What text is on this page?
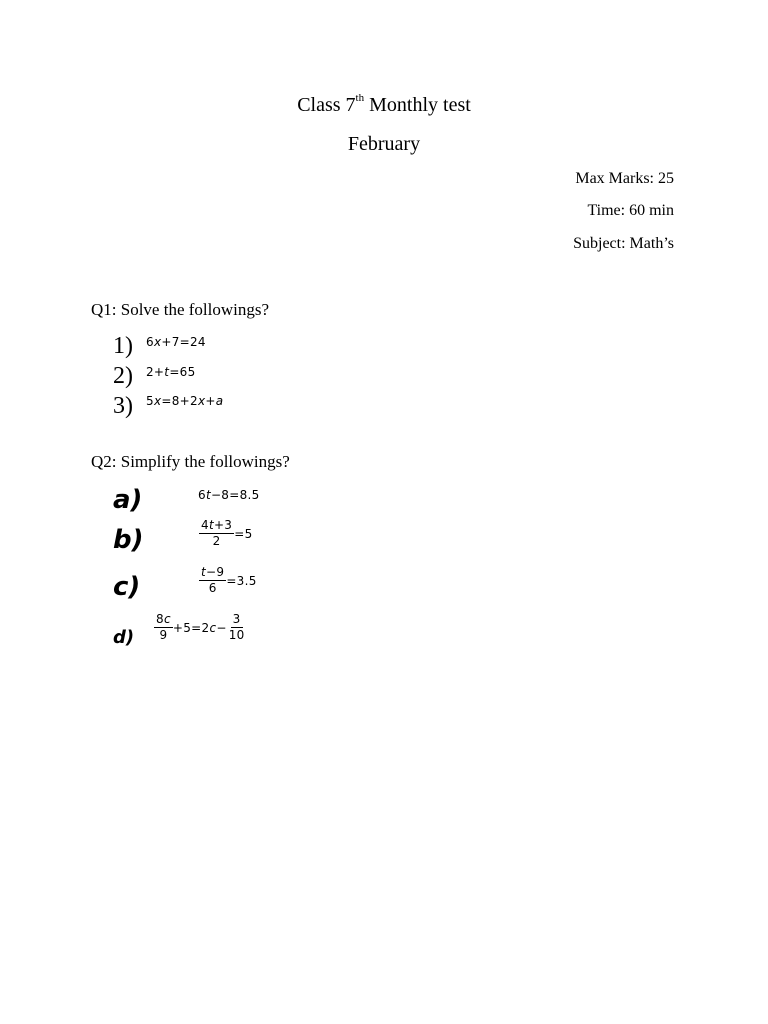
Class 7th Monthly test
February
Max Marks: 25
Time: 60 min
Subject: Math’s
Q1: Solve the followings?
1) 6x+7=24
2) 2+t=65
3) 5x=8+2x+a
Q2: Simplify the followings?
a)	6t−8=8.5
b)	$\frac{4t+3}{2} =5$
c)	$\frac{t-9}{6} =3.5$
$d) \frac{8c}{9} +5=2$ $c - \frac{3}{10}$
